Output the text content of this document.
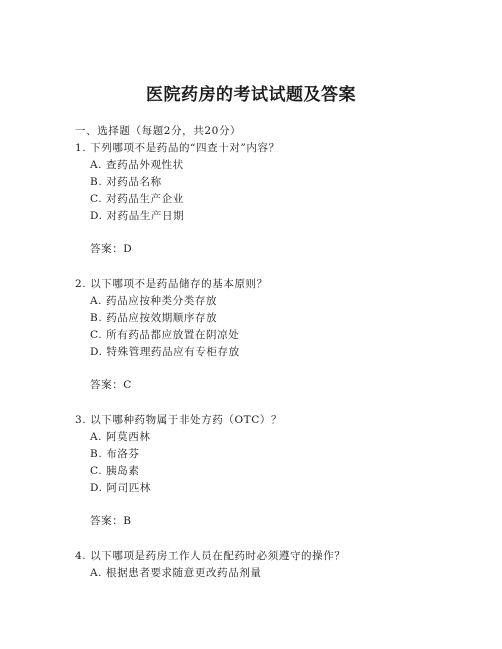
医院药房的考试试题及答案
一、选择题（每题2分，共20分）
1. 下列哪项不是药品的“四查十对”内容？
A. 查药品外观性状
B. 对药品名称
C. 对药品生产企业
D. 对药品生产日期
答案：D
2. 以下哪项不是药品储存的基本原则？
A. 药品应按种类分类存放
B. 药品应按效期顺序存放
C. 所有药品都应放置在阴凉处
D. 特殊管理药品应有专柜存放
答案：C
3. 以下哪种药物属于非处方药（OTC）？
A. 阿莫西林
B. 布洛芬
C. 胰岛素
D. 阿司匹林
答案：B
4. 以下哪项是药房工作人员在配药时必须遵守的操作？
A. 根据患者要求随意更改药品剂量
